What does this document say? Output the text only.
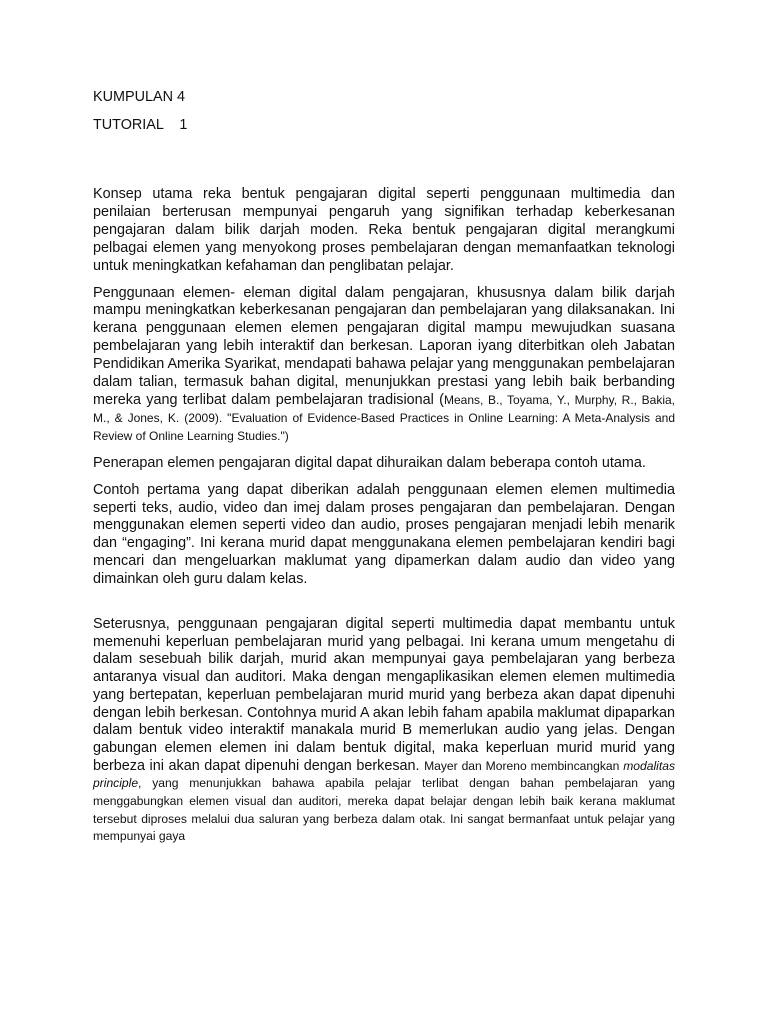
KUMPULAN 4
TUTORIAL    1

Konsep utama reka bentuk pengajaran digital seperti penggunaan multimedia dan penilaian berterusan mempunyai pengaruh yang signifikan terhadap keberkesanan pengajaran dalam bilik darjah moden. Reka bentuk pengajaran digital merangkumi pelbagai elemen yang menyokong proses pembelajaran dengan memanfaatkan teknologi untuk meningkatkan kefahaman dan penglibatan pelajar.

Penggunaan elemen- eleman digital dalam pengajaran, khususnya dalam bilik darjah mampu meningkatkan keberkesanan pengajaran dan pembelajaran yang dilaksanakan. Ini kerana penggunaan elemen elemen pengajaran digital mampu mewujudkan suasana pembelajaran yang lebih interaktif dan berkesan. Laporan iyang diterbitkan oleh Jabatan Pendidikan Amerika Syarikat, mendapati bahawa pelajar yang menggunakan pembelajaran dalam talian, termasuk bahan digital, menunjukkan prestasi yang lebih baik berbanding mereka yang terlibat dalam pembelajaran tradisional (Means, B., Toyama, Y., Murphy, R., Bakia, M., & Jones, K. (2009). "Evaluation of Evidence-Based Practices in Online Learning: A Meta-Analysis and Review of Online Learning Studies.")

Penerapan elemen pengajaran digital dapat dihuraikan dalam beberapa contoh utama.

Contoh pertama yang dapat diberikan adalah penggunaan elemen elemen multimedia seperti teks, audio, video dan imej dalam proses pengajaran dan pembelajaran. Dengan menggunakan elemen seperti video dan audio, proses pengajaran menjadi lebih menarik dan “engaging”. Ini kerana murid dapat menggunakana elemen pembelajaran kendiri bagi mencari dan mengeluarkan maklumat yang dipamerkan dalam audio dan video yang dimainkan oleh guru dalam kelas.

Seterusnya, penggunaan pengajaran digital seperti multimedia dapat membantu untuk memenuhi keperluan pembelajaran murid yang pelbagai. Ini kerana umum mengetahu di dalam sesebuah bilik darjah, murid akan mempunyai gaya pembelajaran yang berbeza antaranya visual dan auditori. Maka dengan mengaplikasikan elemen elemen multimedia yang bertepatan, keperluan pembelajaran murid murid yang berbeza akan dapat dipenuhi dengan lebih berkesan. Contohnya murid A akan lebih faham apabila maklumat dipaparkan dalam bentuk video interaktif manakala murid B memerlukan audio yang jelas. Dengan gabungan elemen elemen ini dalam bentuk digital, maka keperluan murid murid yang berbeza ini akan dapat dipenuhi dengan berkesan. Mayer dan Moreno membincangkan modalitas principle, yang menunjukkan bahawa apabila pelajar terlibat dengan bahan pembelajaran yang menggabungkan elemen visual dan auditori, mereka dapat belajar dengan lebih baik kerana maklumat tersebut diproses melalui dua saluran yang berbeza dalam otak. Ini sangat bermanfaat untuk pelajar yang mempunyai gaya
